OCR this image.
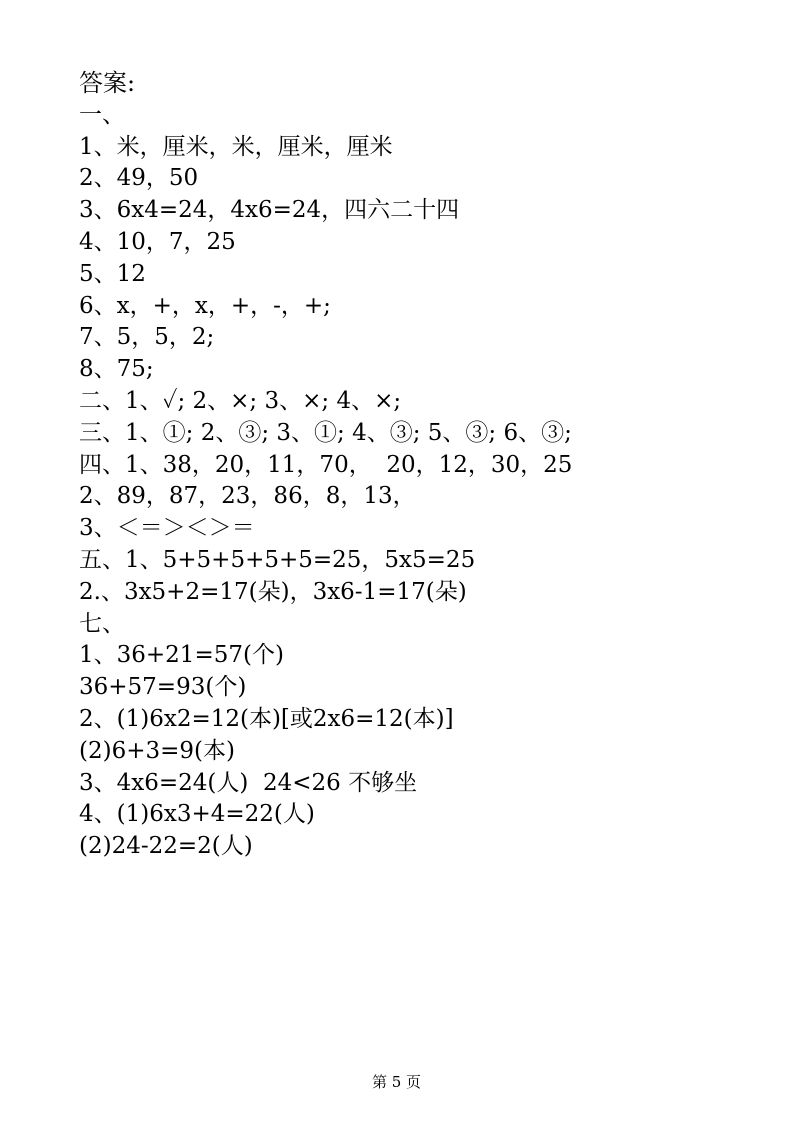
答案:
一、
1、米，厘米，米，厘米，厘米
2、49，50
3、6x4=24，4x6=24，四六二十四
4、10，7，25
5、12
6、x，+，x，+，-，+;
7、5，5，2;
8、75;
二、1、✓; 2、×; 3、×; 4、×;
三、1、①; 2、③; 3、①; 4、③; 5、③; 6、③;
四、1、38，20，11，70，  20，12，30，25
2、89，87，23，86，8，13，
3、＜＝＞＜＞＝
五、1、5+5+5+5+5=25，5x5=25
2.、3x5+2=17(朵)，3x6-1=17(朵)
七、
1、36+21=57(个)
36+57=93(个)
2、(1)6x2=12(本)[或2x6=12(本)]
(2)6+3=9(本)
3、4x6=24(人)  24<26 不够坐
4、(1)6x3+4=22(人)
(2)24-22=2(人)
第 5 页
